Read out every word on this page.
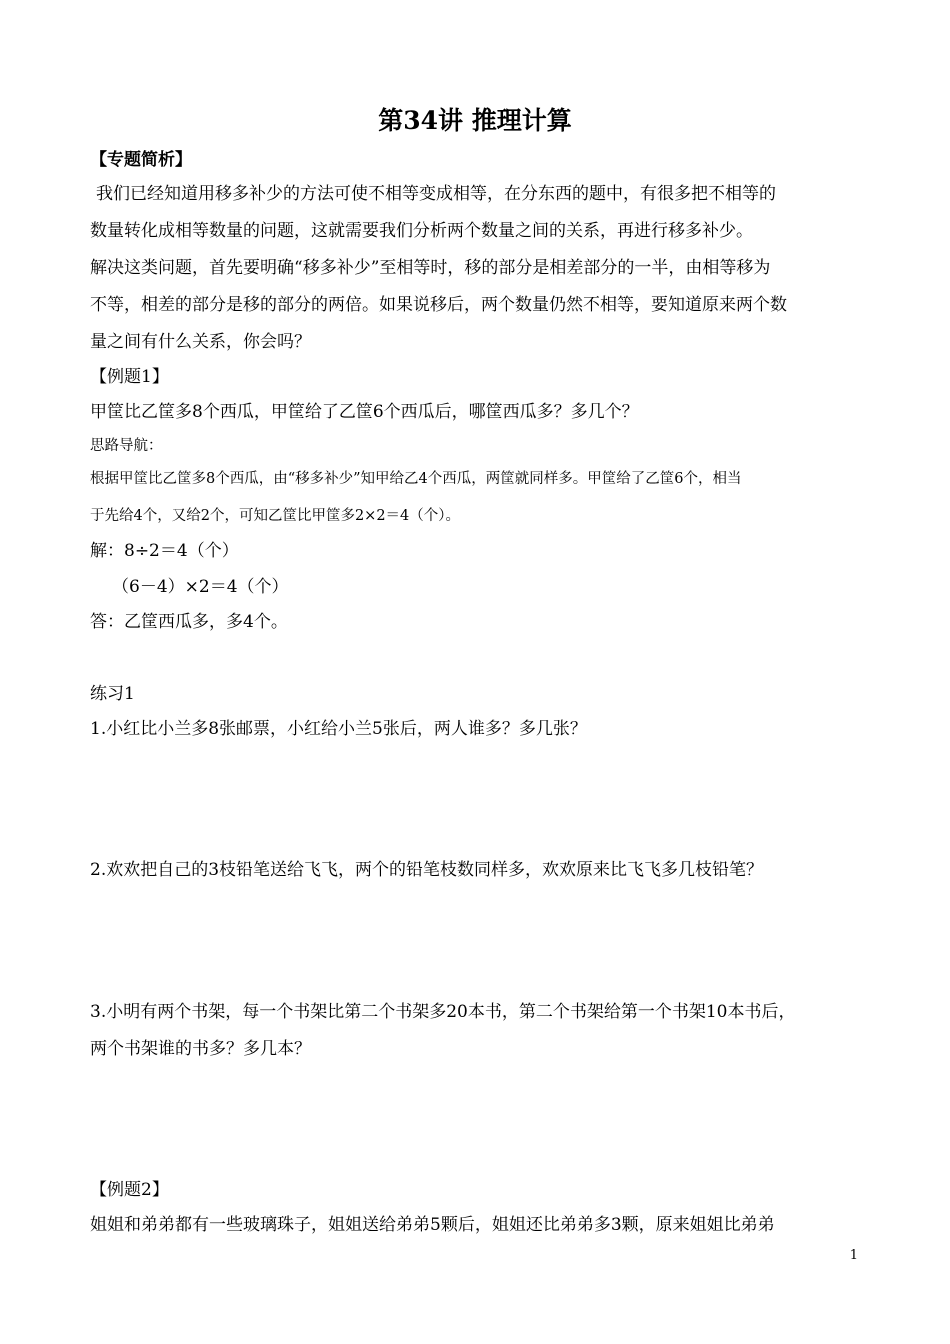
第34讲 推理计算
【专题简析】
我们已经知道用移多补少的方法可使不相等变成相等，在分东西的题中，有很多把不相等的
数量转化成相等数量的问题，这就需要我们分析两个数量之间的关系，再进行移多补少。
解决这类问题，首先要明确“移多补少”至相等时，移的部分是相差部分的一半，由相等移为
不等，相差的部分是移的部分的两倍。如果说移后，两个数量仍然不相等，要知道原来两个数
量之间有什么关系，你会吗？
【例题1】
甲筐比乙筐多8个西瓜，甲筐给了乙筐6个西瓜后，哪筐西瓜多？多几个？
思路导航：
根据甲筐比乙筐多8个西瓜，由“移多补少”知甲给乙4个西瓜，两筐就同样多。甲筐给了乙筐6个，相当
于先给4个，又给2个，可知乙筐比甲筐多2×2＝4（个）。
解：8÷2＝4（个）
（6－4）×2＝4（个）
答：乙筐西瓜多，多4个。
练习1
1.小红比小兰多8张邮票，小红给小兰5张后，两人谁多？多几张？
2.欢欢把自己的3枝铅笔送给飞飞，两个的铅笔枝数同样多，欢欢原来比飞飞多几枝铅笔？
3.小明有两个书架，每一个书架比第二个书架多20本书，第二个书架给第一个书架10本书后，
两个书架谁的书多？多几本？
【例题2】
姐姐和弟弟都有一些玻璃珠子，姐姐送给弟弟5颗后，姐姐还比弟弟多3颗，原来姐姐比弟弟
1
